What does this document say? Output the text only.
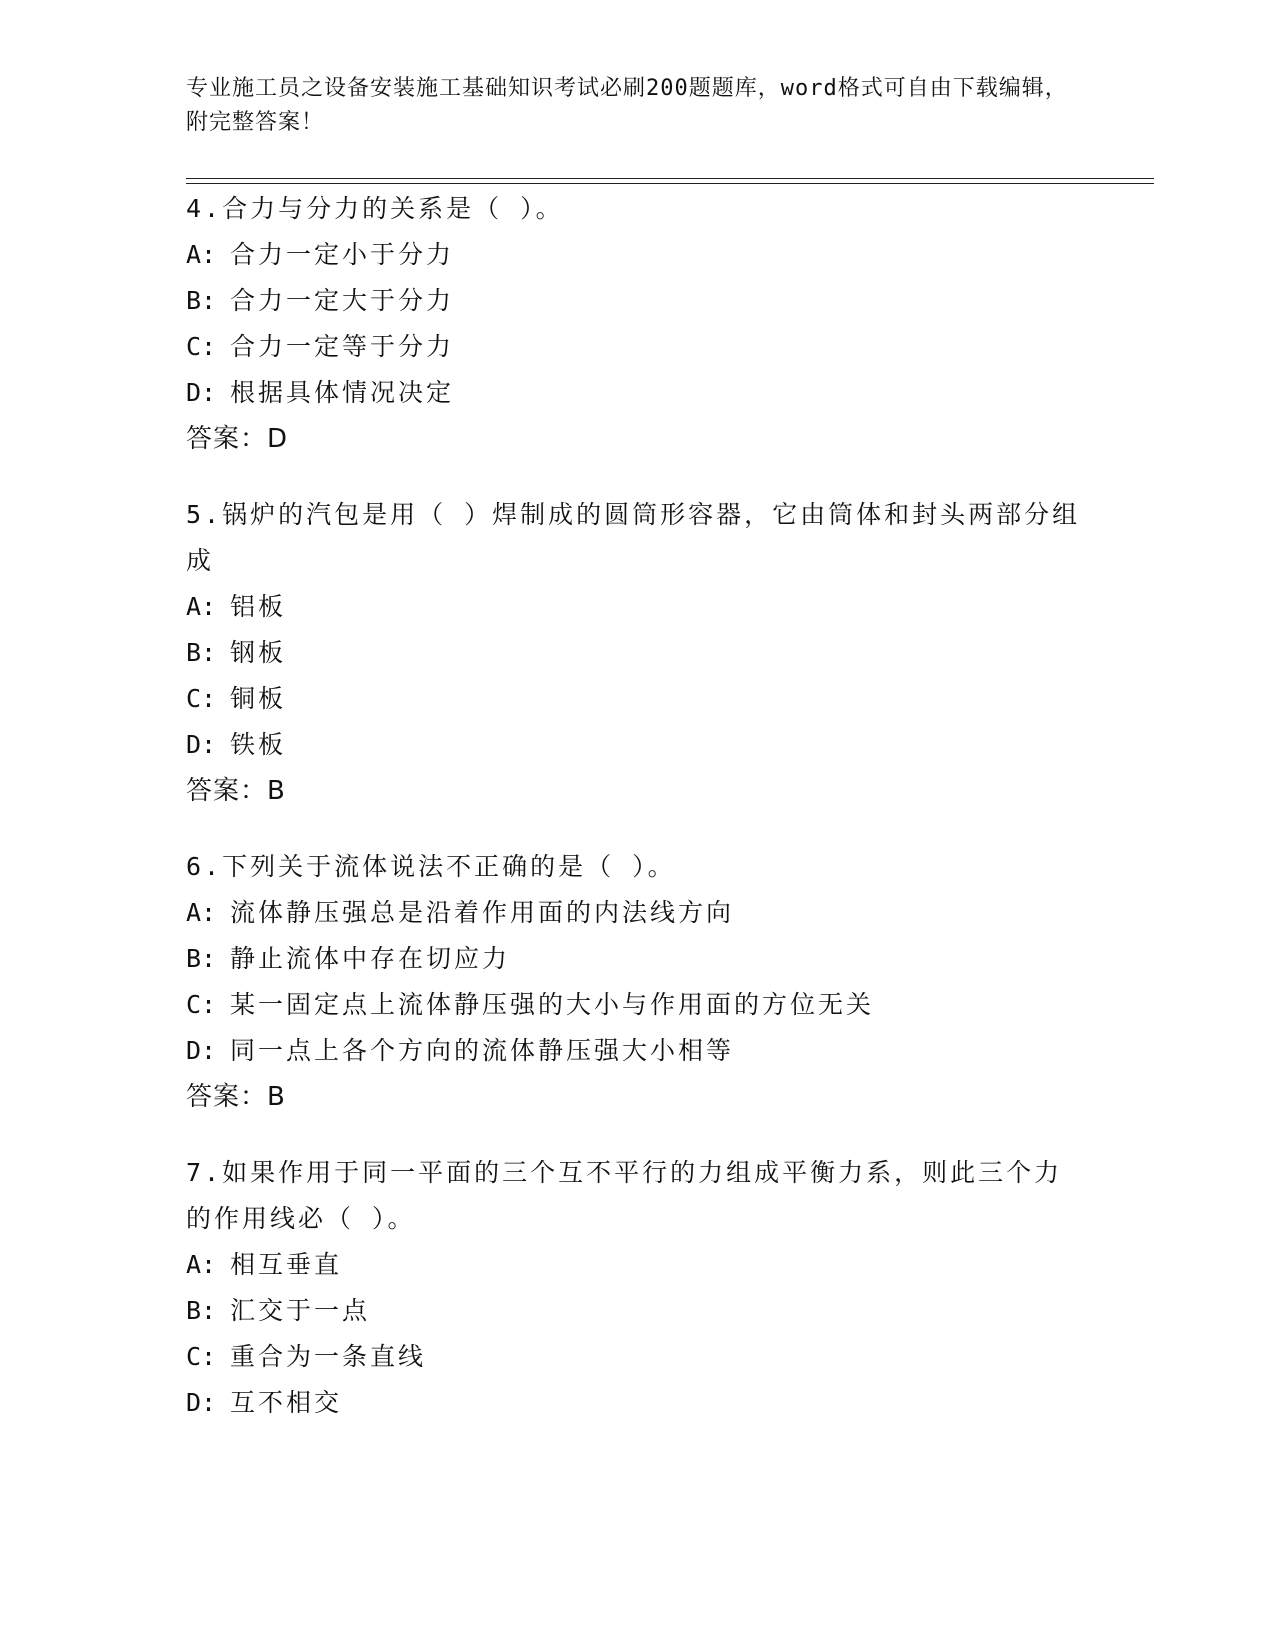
专业施工员之设备安装施工基础知识考试必刷200题题库，word格式可自由下载编辑，附完整答案！
4.合力与分力的关系是（ ）。
A: 合力一定小于分力
B: 合力一定大于分力
C: 合力一定等于分力
D: 根据具体情况决定
答案：D
5.锅炉的汽包是用（ ）焊制成的圆筒形容器，它由筒体和封头两部分组成
A: 铝板
B: 钢板
C: 铜板
D: 铁板
答案：B
6.下列关于流体说法不正确的是（ ）。
A: 流体静压强总是沿着作用面的内法线方向
B: 静止流体中存在切应力
C: 某一固定点上流体静压强的大小与作用面的方位无关
D: 同一点上各个方向的流体静压强大小相等
答案：B
7.如果作用于同一平面的三个互不平行的力组成平衡力系，则此三个力的作用线必（ ）。
A: 相互垂直
B: 汇交于一点
C: 重合为一条直线
D: 互不相交
